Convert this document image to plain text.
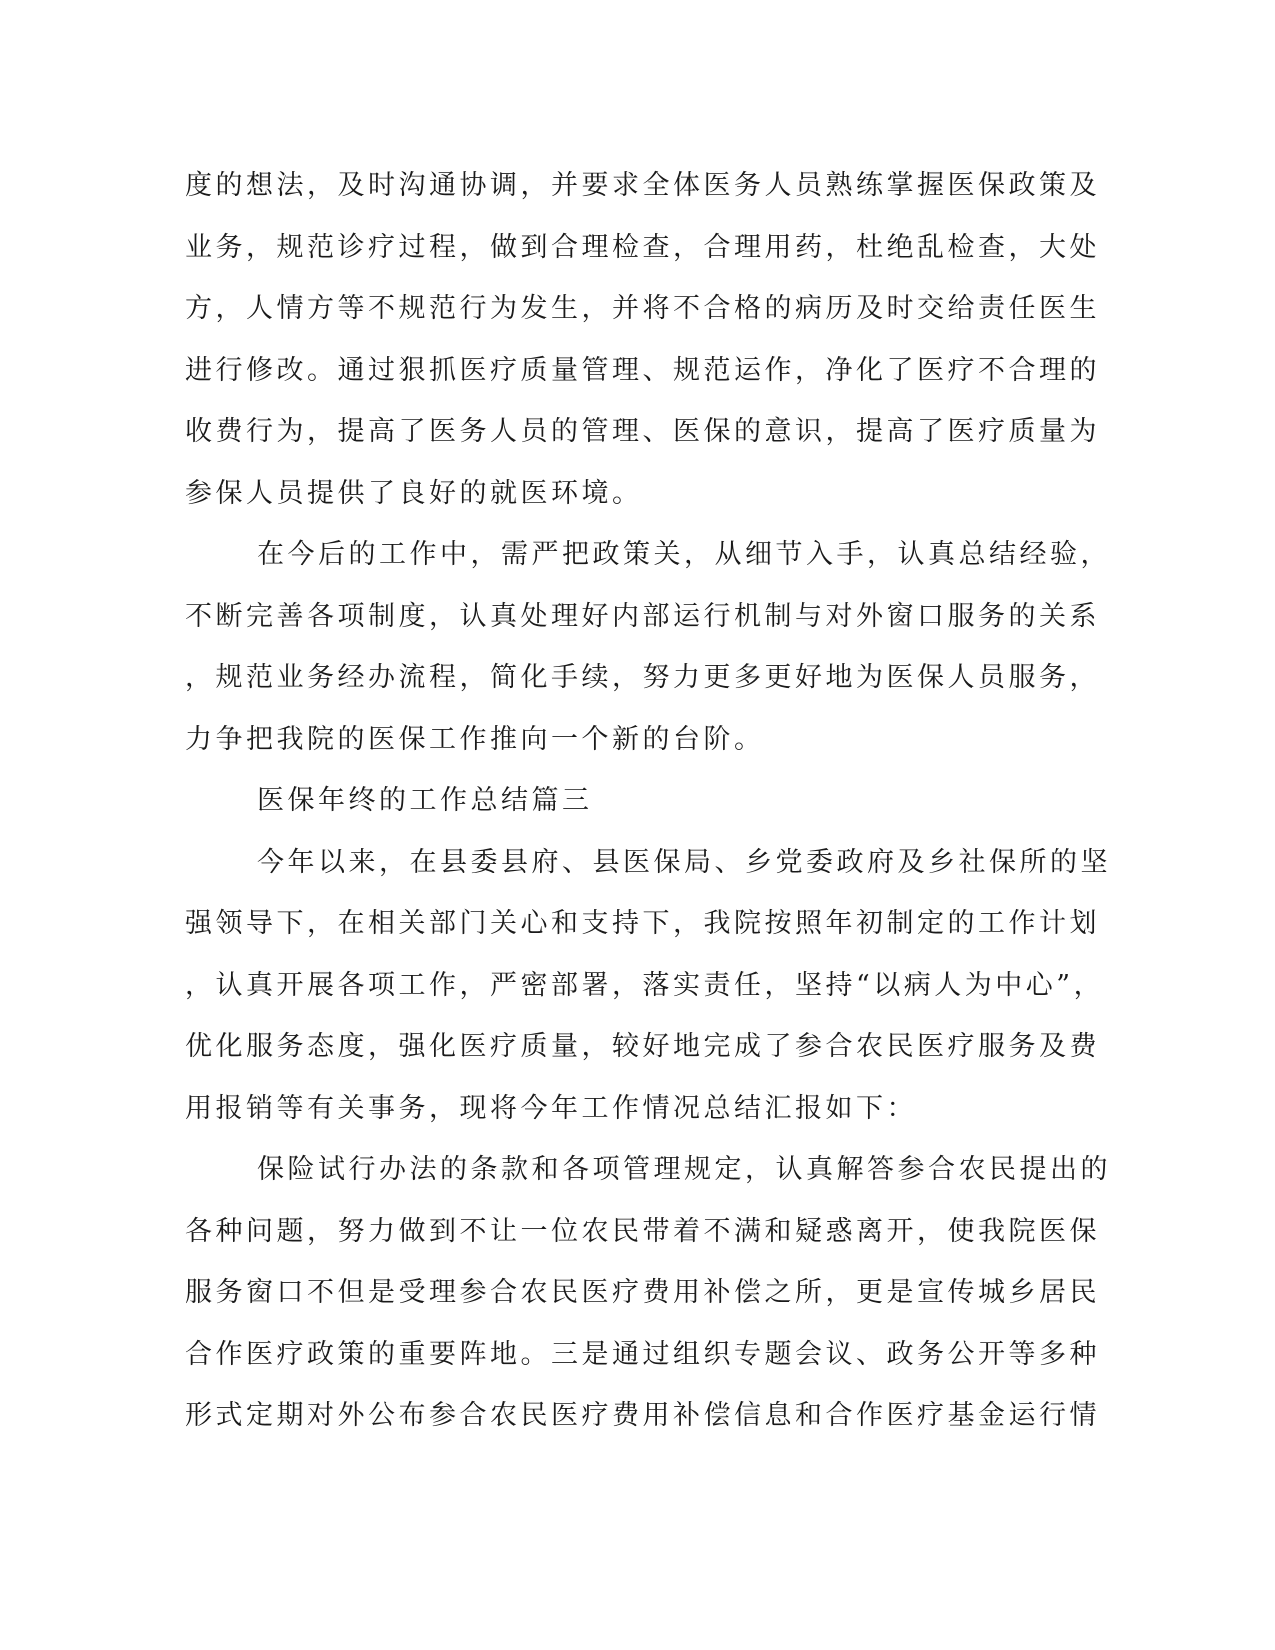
度的想法，及时沟通协调，并要求全体医务人员熟练掌握医保政策及
业务，规范诊疗过程，做到合理检查，合理用药，杜绝乱检查，大处
方，人情方等不规范行为发生，并将不合格的病历及时交给责任医生
进行修改。通过狠抓医疗质量管理、规范运作，净化了医疗不合理的
收费行为，提高了医务人员的管理、医保的意识，提高了医疗质量为
参保人员提供了良好的就医环境。
在今后的工作中，需严把政策关，从细节入手，认真总结经验，
不断完善各项制度，认真处理好内部运行机制与对外窗口服务的关系
，规范业务经办流程，简化手续，努力更多更好地为医保人员服务，
力争把我院的医保工作推向一个新的台阶。
医保年终的工作总结篇三
今年以来，在县委县府、县医保局、乡党委政府及乡社保所的坚
强领导下，在相关部门关心和支持下，我院按照年初制定的工作计划
，认真开展各项工作，严密部署，落实责任，坚持“以病人为中心”，
优化服务态度，强化医疗质量，较好地完成了参合农民医疗服务及费
用报销等有关事务，现将今年工作情况总结汇报如下：
保险试行办法的条款和各项管理规定，认真解答参合农民提出的
各种问题，努力做到不让一位农民带着不满和疑惑离开，使我院医保
服务窗口不但是受理参合农民医疗费用补偿之所，更是宣传城乡居民
合作医疗政策的重要阵地。三是通过组织专题会议、政务公开等多种
形式定期对外公布参合农民医疗费用补偿信息和合作医疗基金运行情
